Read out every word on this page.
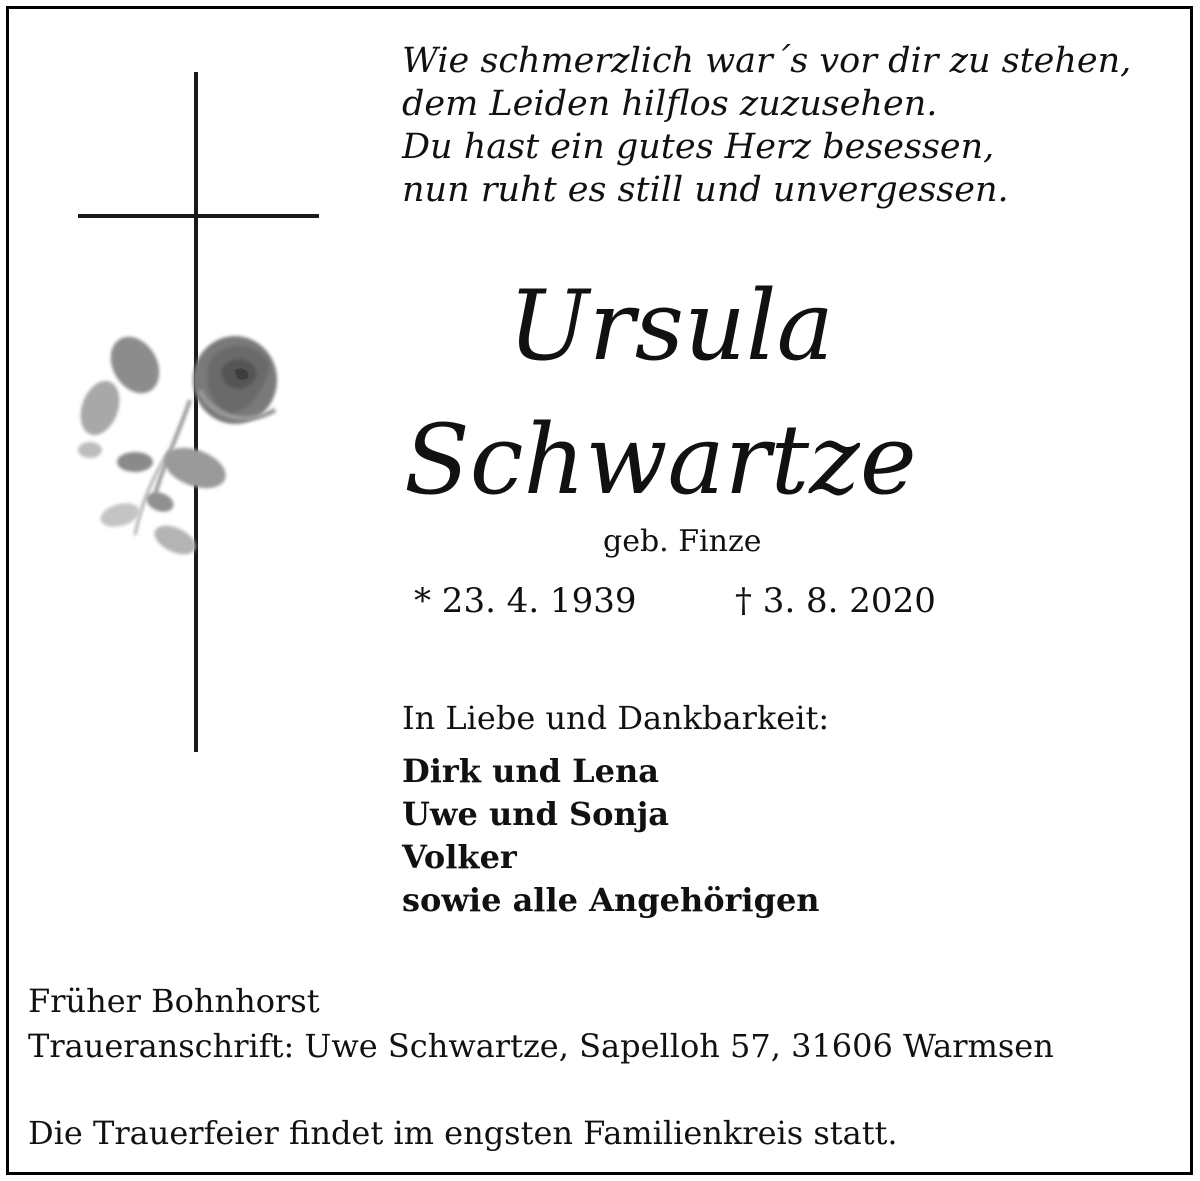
Wie schmerzlich war´s vor dir zu stehen,
dem Leiden hilflos zuzusehen.
Du hast ein gutes Herz besessen,
nun ruht es still und unvergessen.
Ursula
Schwartze
geb. Finze
* 23. 4. 1939	† 3. 8. 2020
In Liebe und Dankbarkeit:
Dirk und Lena
Uwe und Sonja
Volker
sowie alle Angehörigen
Früher Bohnhorst
Traueranschrift: Uwe Schwartze, Sapelloh 57, 31606 Warmsen
Die Trauerfeier findet im engsten Familienkreis statt.
